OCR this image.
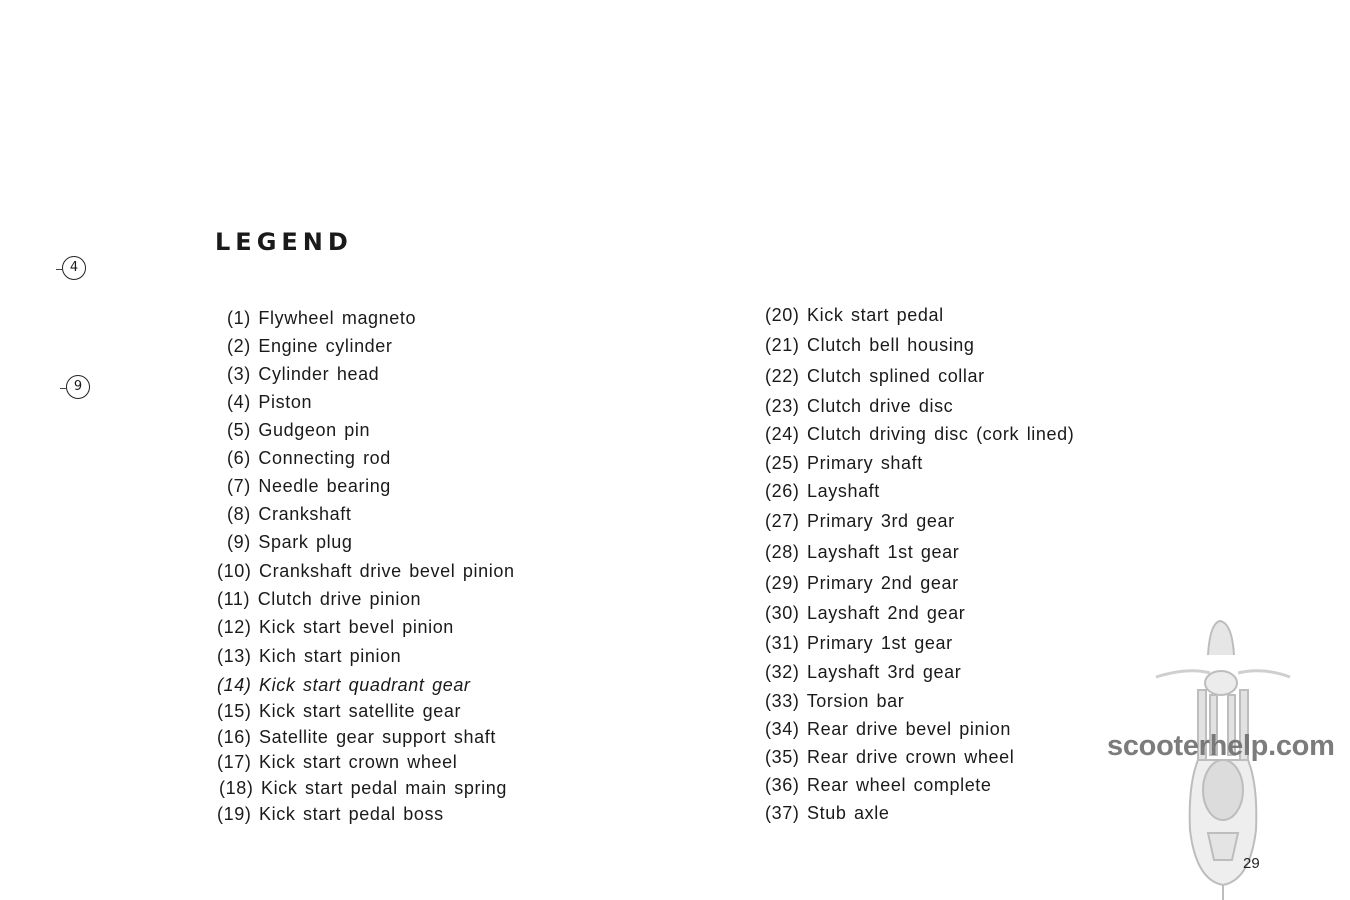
LEGEND
4
9
(1) Flywheel magneto
(2) Engine cylinder
(3) Cylinder head
(4) Piston
(5) Gudgeon pin
(6) Connecting rod
(7) Needle bearing
(8) Crankshaft
(9) Spark plug
(10) Crankshaft drive bevel pinion
(11) Clutch drive pinion
(12) Kick start bevel pinion
(13) Kich start pinion
(14) Kick start quadrant gear
(15) Kick start satellite gear
(16) Satellite gear support shaft
(17) Kick start crown wheel
(18) Kick start pedal main spring
(19) Kick start pedal boss
(20) Kick start pedal
(21) Clutch bell housing
(22) Clutch splined collar
(23) Clutch drive disc
(24) Clutch driving disc (cork lined)
(25) Primary shaft
(26) Layshaft
(27) Primary 3rd gear
(28) Layshaft 1st gear
(29) Primary 2nd gear
(30) Layshaft 2nd gear
(31) Primary 1st gear
(32) Layshaft 3rd gear
(33) Torsion bar
(34) Rear drive bevel pinion
(35) Rear drive crown wheel
(36) Rear wheel complete
(37) Stub axle
scooterhelp.com
29
